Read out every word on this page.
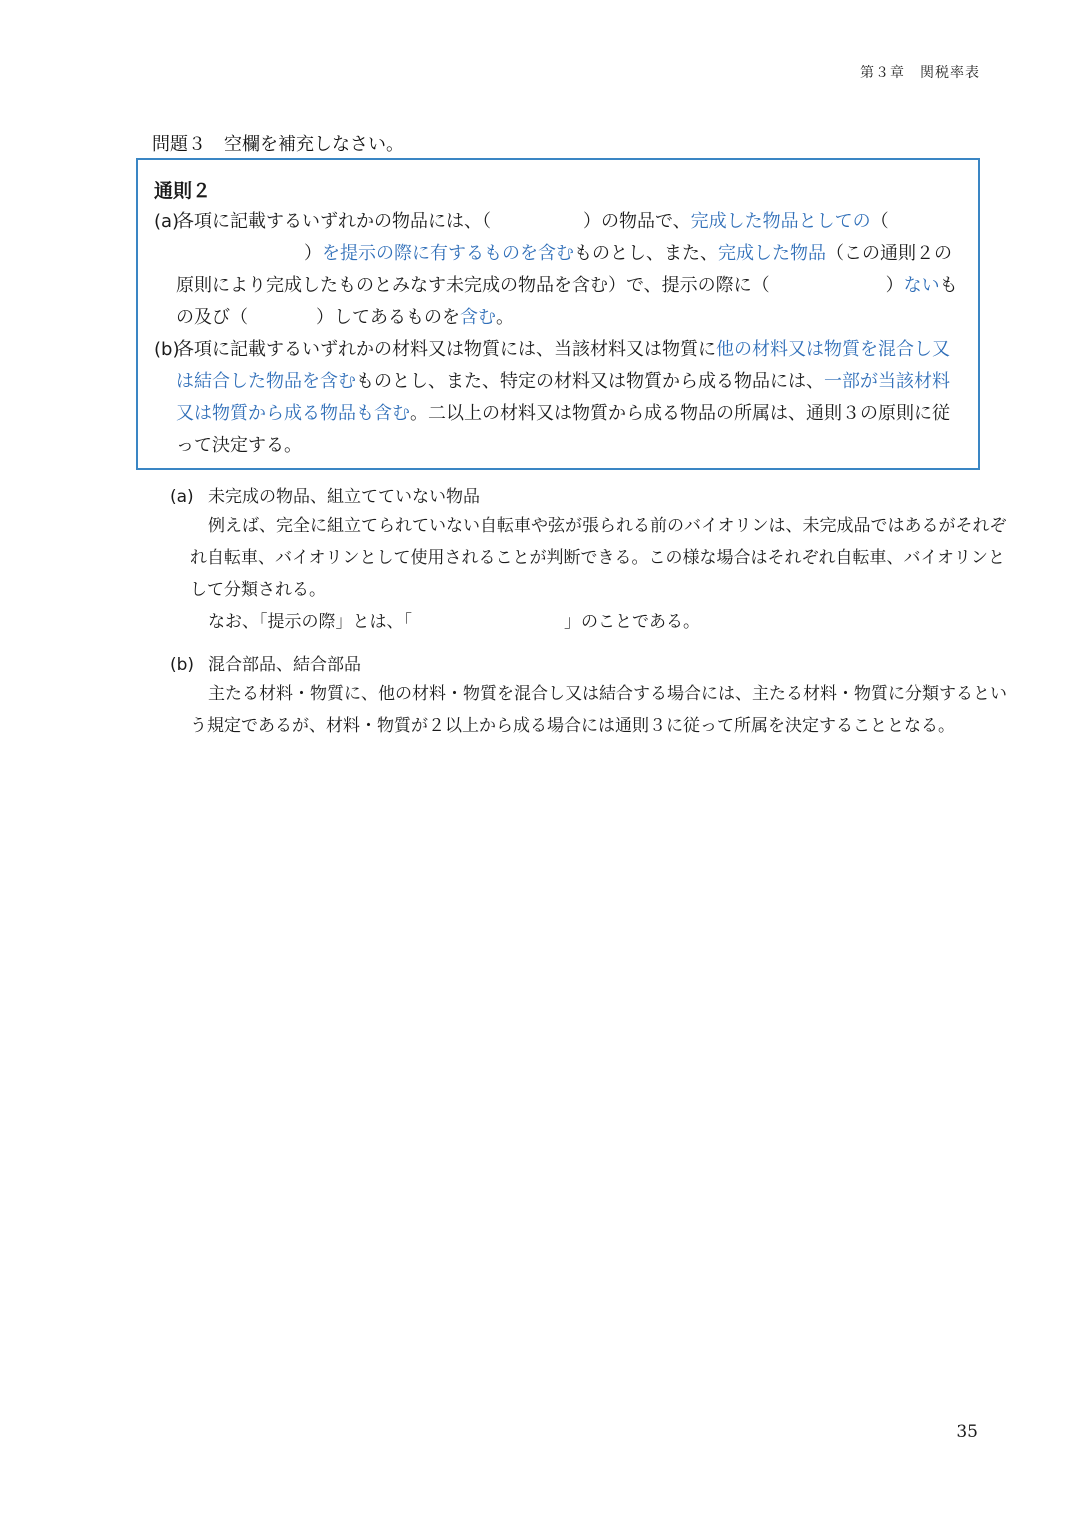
第３章　関税率表
問題３　空欄を補充しなさい。
通則２
(a)
各項に記載するいずれかの物品には、（	）の物品で、完成した物品としての（）を提示の際に有するものを含むものとし、また、完成した物品（この通則２の原則により完成したものとみなす未完成の物品を含む）で、提示の際に（	）ないもの及び（	）してあるものを含む。
(b)
各項に記載するいずれかの材料又は物質には、当該材料又は物質に他の材料又は物質を混合し又は結合した物品を含むものとし、また、特定の材料又は物質から成る物品には、一部が当該材料又は物質から成る物品も含む。二以上の材料又は物質から成る物品の所属は、通則３の原則に従って決定する。
(a) 未完成の物品、組立てていない物品

例えば、完全に組立てられていない自転車や弦が張られる前のバイオリンは、未完成品ではあるがそれぞれ自転車、バイオリンとして使用されることが判断できる。この様な場合はそれぞれ自転車、バイオリンとして分類される。

なお、「提示の際」とは、「	」のことである。

(b) 混合部品、結合部品

主たる材料・物質に、他の材料・物質を混合し又は結合する場合には、主たる材料・物質に分類するという規定であるが、材料・物質が２以上から成る場合には通則３に従って所属を決定することとなる。

35
